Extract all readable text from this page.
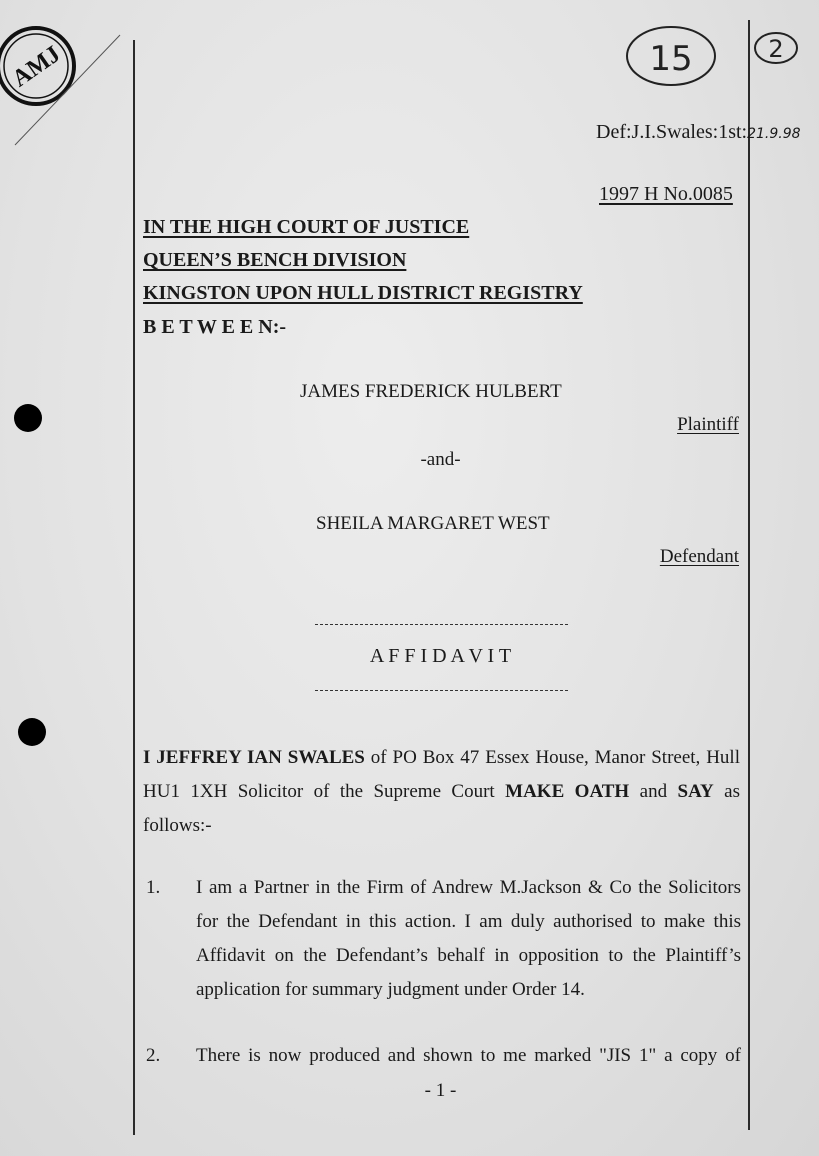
AMJ	15	2
Def:J.I.Swales:1st:21.9.98
1997 H No.0085
IN THE HIGH COURT OF JUSTICE
QUEEN’S BENCH DIVISION
KINGSTON UPON HULL DISTRICT REGISTRY
B E T W E E N:-
JAMES FREDERICK HULBERT
Plaintiff
-and-
SHEILA MARGARET WEST
Defendant
A F F I D A V I T
I JEFFREY IAN SWALES of PO Box 47 Essex House, Manor Street, Hull HU1 1XH Solicitor of the Supreme Court MAKE OATH and SAY as follows:-
1. I am a Partner in the Firm of Andrew M.Jackson & Co the Solicitors for the Defendant in this action. I am duly authorised to make this Affidavit on the Defendant’s behalf in opposition to the Plaintiff’s application for summary judgment under Order 14.
2. There is now produced and shown to me marked "JIS 1" a copy of
- 1 -
